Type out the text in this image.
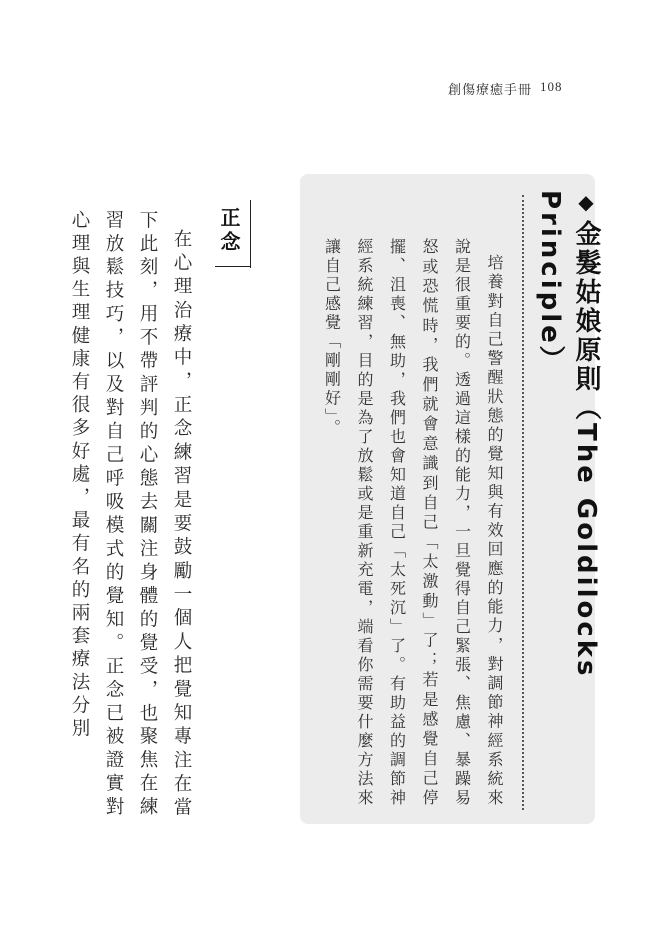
創傷療癒手冊 108
◆金髮姑娘原則（The Goldilocks Principle）

培養對自己警醒狀態的覺知與有效回應的能力，對調節神經系統來說是很重要的。透過這樣的能力，一旦覺得自己緊張、焦慮、暴躁易怒或恐慌時，我們就會意識到自己「太激動」了；若是感覺自己停擺、沮喪、無助，我們也會知道自己「太死沉」了。有助益的調節神經系統練習，目的是為了放鬆或是重新充電，端看你需要什麼方法來讓自己感覺「剛剛好」。

正念

在心理治療中，正念練習是要鼓勵一個人把覺知專注在當下此刻，用不帶評判的心態去關注身體的覺受，也聚焦在練習放鬆技巧，以及對自己呼吸模式的覺知。正念已被證實對心理與生理健康有很多好處，最有名的兩套療法分別
